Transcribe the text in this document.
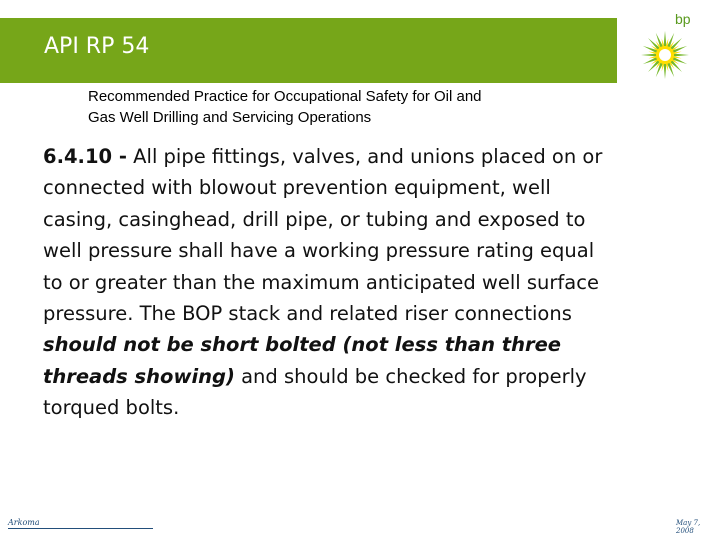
API RP 54
bp
Recommended Practice for Occupational Safety for Oil and
Gas Well Drilling and Servicing Operations
6.4.10 - All pipe fittings, valves, and unions placed on or connected with blowout prevention equipment, well casing, casinghead, drill pipe, or tubing and exposed to well pressure shall have a working pressure rating equal to or greater than the maximum anticipated well surface pressure. The BOP stack and related riser connections should not be short bolted (not less than three threads showing) and should be checked for properly torqued bolts.
Arkoma	May 7, 2008
